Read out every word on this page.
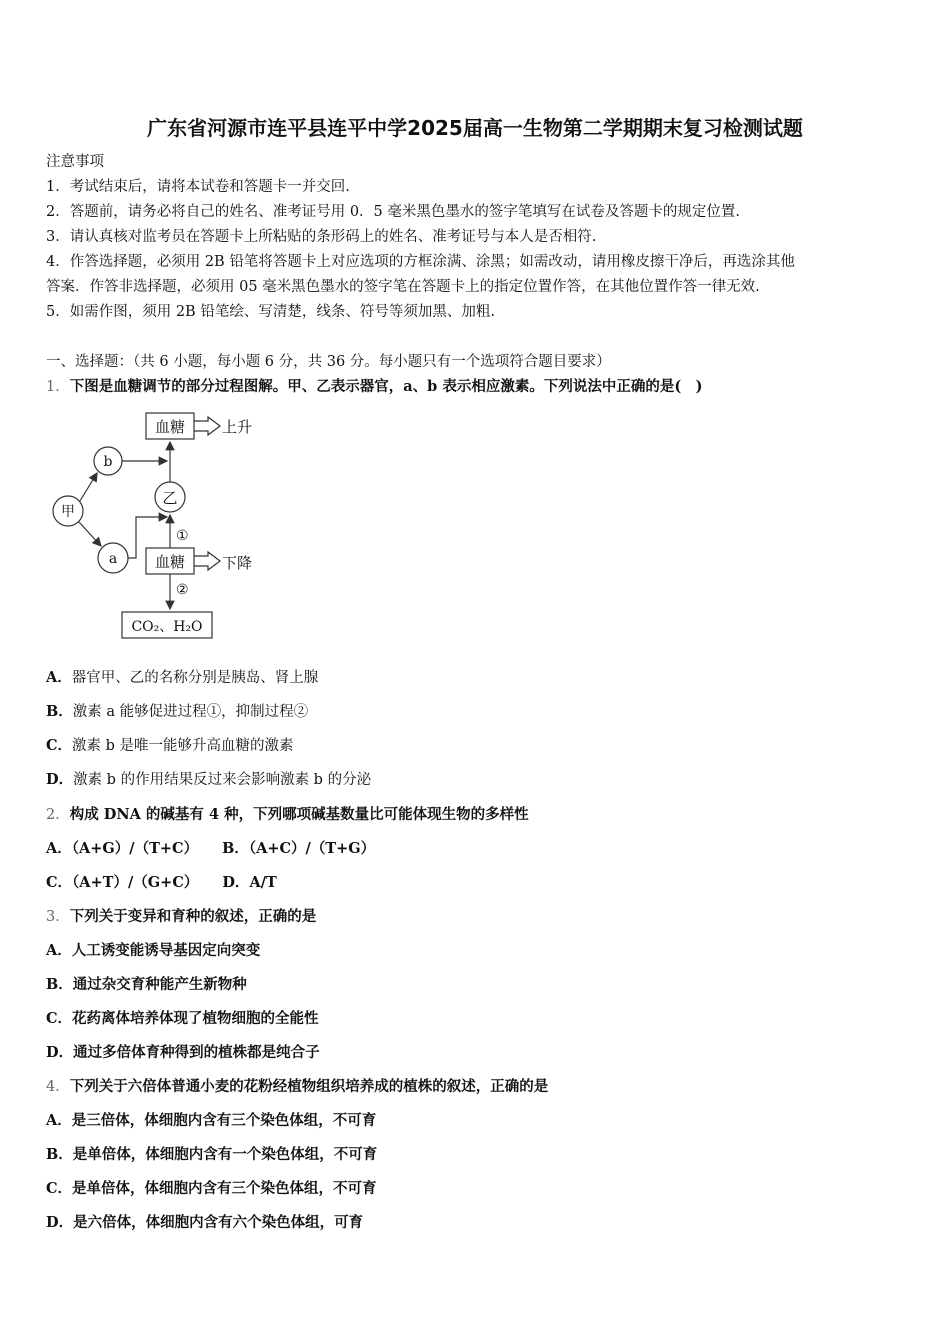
广东省河源市连平县连平中学2025届高一生物第二学期期末复习检测试题
注意事项
1．考试结束后，请将本试卷和答题卡一并交回.
2．答题前，请务必将自己的姓名、准考证号用 0．5 毫米黑色墨水的签字笔填写在试卷及答题卡的规定位置.
3．请认真核对监考员在答题卡上所粘贴的条形码上的姓名、准考证号与本人是否相符.
4．作答选择题，必须用 2B 铅笔将答题卡上对应选项的方框涂满、涂黑；如需改动，请用橡皮擦干净后，再选涂其他
答案．作答非选择题，必须用 05 毫米黑色墨水的签字笔在答题卡上的指定位置作答，在其他位置作答一律无效.
5．如需作图，须用 2B 铅笔绘、写清楚，线条、符号等须加黑、加粗.
一、选择题：（共 6 小题，每小题 6 分，共 36 分。每小题只有一个选项符合题目要求）
1．下图是血糖调节的部分过程图解。甲、乙表示器官，a、b 表示相应激素。下列说法中正确的是(　)
血糖 上升
b
乙
甲
a
①
血糖 下降
②
CO₂、H₂O
A．器官甲、乙的名称分别是胰岛、肾上腺
B．激素 a 能够促进过程①，抑制过程②
C．激素 b 是唯一能够升高血糖的激素
D．激素 b 的作用结果反过来会影响激素 b 的分泌
2．构成 DNA 的碱基有 4 种，下列哪项碱基数量比可能体现生物的多样性
A．（A+G）/（T+C） B．（A+C）/（T+G）
C．（A+T）/（G+C） D．A/T
3．下列关于变异和育种的叙述，正确的是
A．人工诱变能诱导基因定向突变
B．通过杂交育种能产生新物种
C．花药离体培养体现了植物细胞的全能性
D．通过多倍体育种得到的植株都是纯合子
4．下列关于六倍体普通小麦的花粉经植物组织培养成的植株的叙述，正确的是
A．是三倍体，体细胞内含有三个染色体组，不可育
B．是单倍体，体细胞内含有一个染色体组，不可育
C．是单倍体，体细胞内含有三个染色体组，不可育
D．是六倍体，体细胞内含有六个染色体组，可育
